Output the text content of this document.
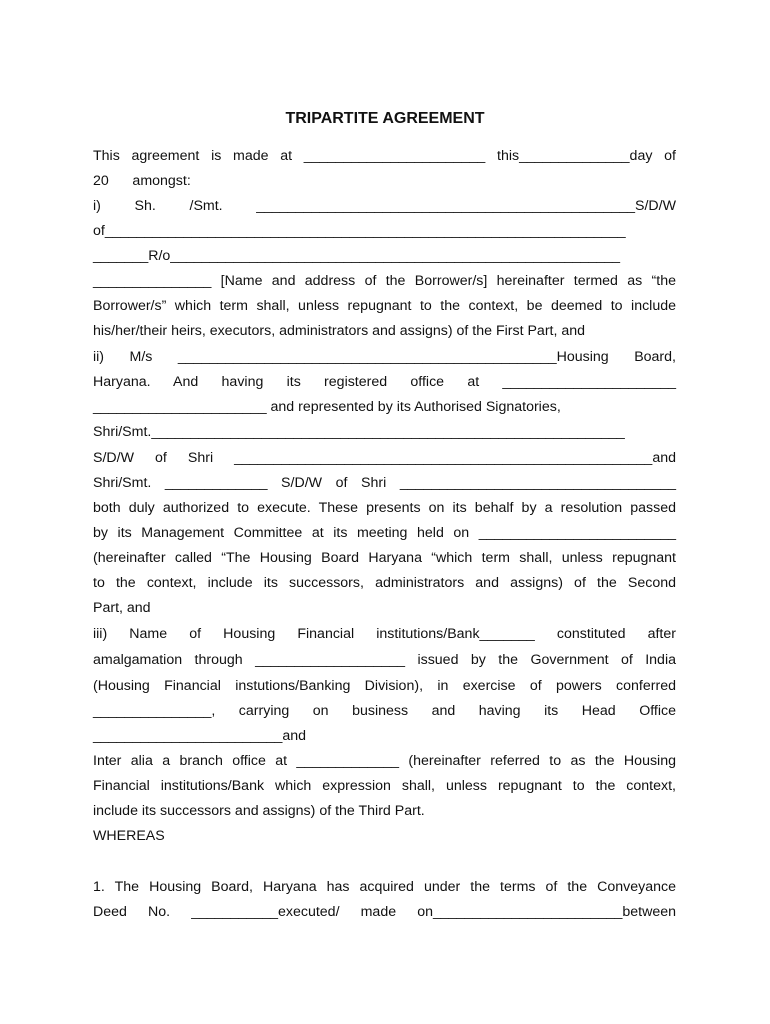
TRIPARTITE AGREEMENT
This agreement is made at _______________________ this______________day of
20      amongst:
i) Sh. /Smt. ________________________________________________S/D/W
of__________________________________________________________________
_______R/o_________________________________________________________
_______________ [Name and address of the Borrower/s] hereinafter termed as “the
Borrower/s” which term shall, unless repugnant to the context, be deemed to include
his/her/their heirs, executors, administrators and assigns) of the First Part, and
ii) M/s ________________________________________________Housing Board,
Haryana. And having its registered office at ______________________
______________________ and represented by its Authorised Signatories,
Shri/Smt.____________________________________________________________
S/D/W of Shri _____________________________________________________and
Shri/Smt. _____________ S/D/W of Shri ___________________________________
both duly authorized to execute. These presents on its behalf by a resolution passed
by its Management Committee at its meeting held on _________________________
(hereinafter called “The Housing Board Haryana “which term shall, unless repugnant
to the context, include its successors, administrators and assigns) of the Second
Part, and
iii) Name of Housing Financial institutions/Bank_______ constituted after
amalgamation through ___________________ issued by the Government of India
(Housing Financial instutions/Banking Division), in exercise of powers conferred
_______________, carrying on business and having its Head Office
________________________and
Inter alia a branch office at _____________ (hereinafter referred to as the Housing
Financial institutions/Bank which expression shall, unless repugnant to the context,
include its successors and assigns) of the Third Part.
WHEREAS
1. The Housing Board, Haryana has acquired under the terms of the Conveyance
Deed No. ___________executed/ made on________________________between
